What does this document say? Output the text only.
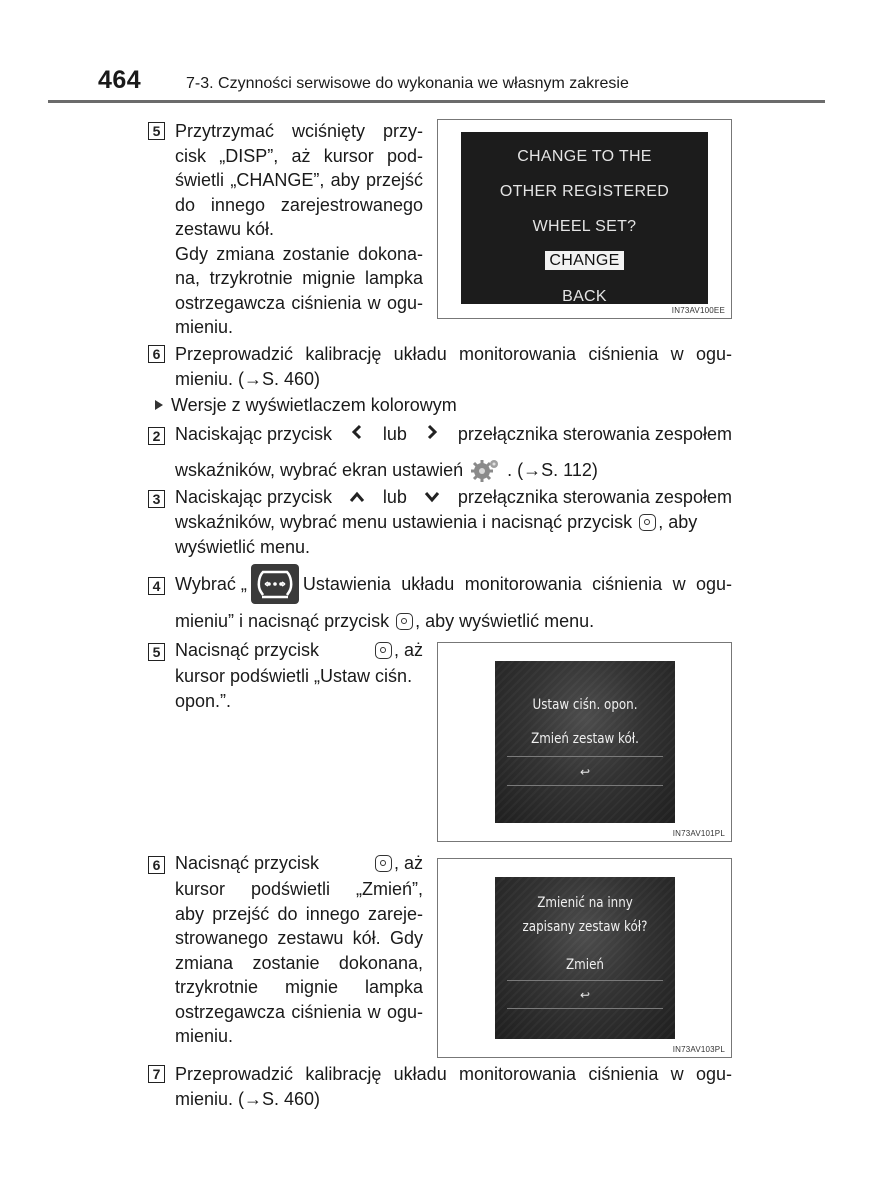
464	7-3. Czynności serwisowe do wykonania we własnym zakresie
5 Przytrzymać wciśnięty przy-
cisk „DISP”, aż kursor pod-
świetli „CHANGE”, aby przejść
do innego zarejestrowanego
zestawu kół.
Gdy zmiana zostanie dokona-
na, trzykrotnie mignie lampka
ostrzegawcza ciśnienia w ogu-
mieniu.
CHANGE TO THE
OTHER REGISTERED
WHEEL SET?
CHANGE
BACK
IN73AV100EE
6 Przeprowadzić kalibrację układu monitorowania ciśnienia w ogu-
mieniu. (→S. 460)
Wersje z wyświetlaczem kolorowym
2 Naciskając przycisk	lub	przełącznika sterowania zespołem
wskaźników, wybrać ekran ustawień . (→S. 112)
3 Naciskając przycisk	lub	przełącznika sterowania zespołem
wskaźników, wybrać menu ustawienia i nacisnąć przycisk , aby
wyświetlić menu.
4 Wybrać „	Ustawienia układu monitorowania ciśnienia w ogu-
mieniu” i nacisnąć przycisk , aby wyświetlić menu.
5 Nacisnąć przycisk	, aż
kursor podświetli „Ustaw ciśn.
opon.”.	Ustaw ciśn. opon.
Zmień zestaw kół.
↩
IN73AV101PL
6 Nacisnąć przycisk	, aż
kursor podświetli „Zmień”,
aby przejść do innego zareje-
strowanego zestawu kół. Gdy
zmiana zostanie dokonana,
trzykrotnie mignie lampka
ostrzegawcza ciśnienia w ogu-
mieniu.
Zmienić na inny
zapisany zestaw kół?
Zmień
↩
IN73AV103PL
7 Przeprowadzić kalibrację układu monitorowania ciśnienia w ogu-
mieniu. (→S. 460)
